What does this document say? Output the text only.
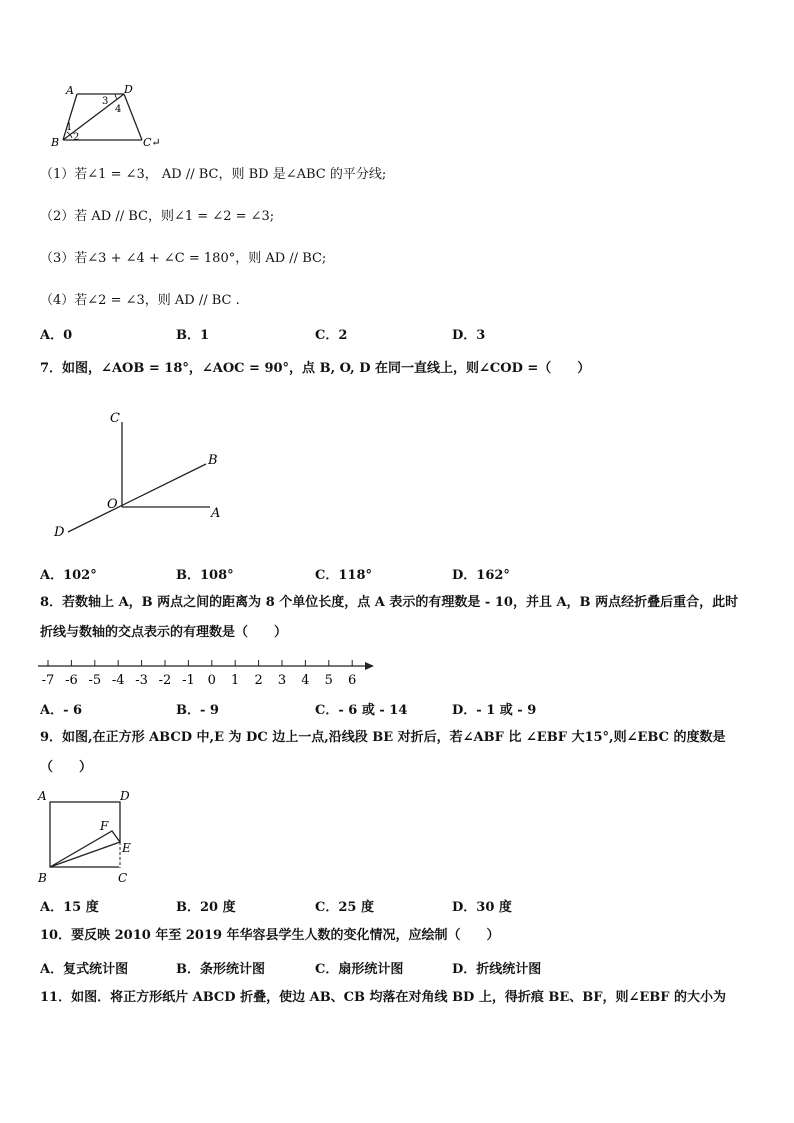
A	D
B	C↵
1
2
3
4
（1）若∠1 = ∠3， AD // BC，则 BD 是∠ABC 的平分线;
（2）若 AD // BC，则∠1 = ∠2 = ∠3;
（3）若∠3 + ∠4 + ∠C = 180°，则 AD // BC;
（4）若∠2 = ∠3，则 AD // BC .
A．0	B．1	C．2	D．3
7．如图，∠AOB = 18°，∠AOC = 90°，点 B, O, D 在同一直线上，则∠COD =（　　）
C
B
O
A
D
A．102°	B．108°	C．118°	D．162°
8．若数轴上 A，B 两点之间的距离为 8 个单位长度，点 A 表示的有理数是 - 10，并且 A，B 两点经折叠后重合，此时
折线与数轴的交点表示的有理数是（　　）
-7 -6 -5 -4 -3 -2 -1 0 1 2 3 4 5 6
A．- 6	B．- 9	C．- 6 或 - 14	D．- 1 或 - 9
9．如图,在正方形 ABCD 中,E 为 DC 边上一点,沿线段 BE 对折后，若∠ABF 比 ∠EBF 大15°,则∠EBC 的度数是
（　　）
A	D
F
E
B	C
A．15 度	B．20 度	C．25 度	D．30 度
10．要反映 2010 年至 2019 年华容县学生人数的变化情况，应绘制（　　）
A．复式统计图	B．条形统计图	C．扇形统计图	D．折线统计图
11．如图．将正方形纸片 ABCD 折叠，使边 AB、CB 均落在对角线 BD 上，得折痕 BE、BF，则∠EBF 的大小为
